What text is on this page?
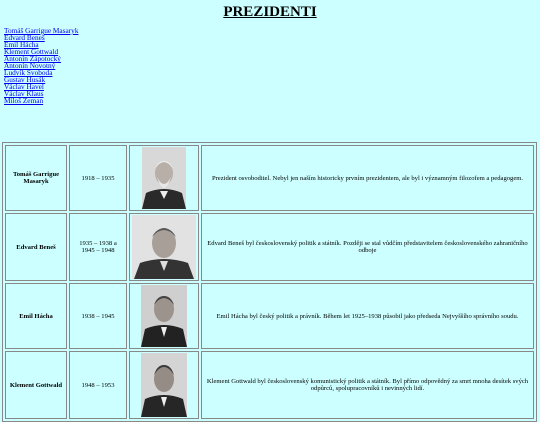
PREZIDENTI
Tomáš Garrigue Masaryk
Edvard Beneš
Emil Hácha
Klement Gottwald
Antonín Zápotocký
Antonín Novotný
Ludvík Svoboda
Gustav Husák
Václav Havel
Václav Klaus
Miloš Zeman
Tomáš Garrigue Masaryk	1918 – 1935		Prezident osvoboditel. Nebyl jen naším historicky prvním prezidentem, ale byl i významným filozofem a pedagogem.
Edvard Beneš	1935 – 1938 a 1945 – 1948		Edvard Beneš byl československý politik a státník. Později se stal vůdčím představitelem československého zahraničního odboje
Emil Hácha	1938 – 1945		Emil Hácha byl český politik a právník. Během let 1925–1938 působil jako předseda Nejvyššího správního soudu.
Klement Gottwald	1948 – 1953		Klement Gottwald byl československý komunistický politik a státník. Byl přímo odpovědný za smrt mnoha desítek svých odpůrců, spolupracovníků i nevinných lidí.
